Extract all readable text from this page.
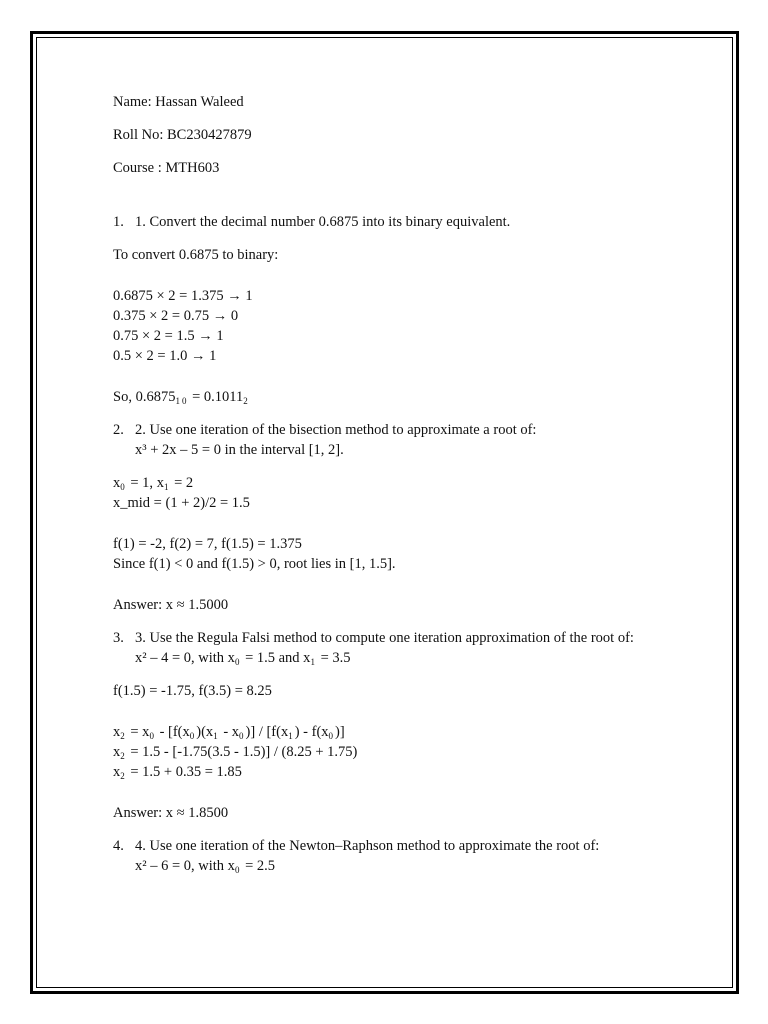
Name: Hassan Waleed

Roll No: BC230427879

Course : MTH603

1. 1. Convert the decimal number 0.6875 into its binary equivalent.

To convert 0.6875 to binary:

0.6875 × 2 = 1.375 → 1

0.375 × 2 = 0.75 → 0

0.75 × 2 = 1.5 → 1

0.5 × 2 = 1.0 → 1

So, $0.6875_{10} = 0.1011_2$

2. 2. Use one iteration of the bisection method to approximate a root of:
x³ + 2x – 5 = 0 in the interval [1, 2].

$x_0 = 1$, $x_1 = 2$

x_mid = (1 + 2)/2 = 1.5

f(1) = -2, f(2) = 7, f(1.5) = 1.375

Since f(1) < 0 and f(1.5) > 0, root lies in [1, 1.5].

Answer: x ≈ 1.5000

3. 3. Use the Regula Falsi method to compute one iteration approximation of the root of:
x² – 4 = 0, with $x_0 = 1.5$ and $x_1 = 3.5$

f(1.5) = -1.75, f(3.5) = 8.25

$x_2 = x_0 - [f(x_0)(x_1 - x_0)] / [f(x_1) - f(x_0)]$

$x_2 = 1.5 - [-1.75(3.5 - 1.5)] / (8.25 + 1.75)$

$x_2 = 1.5 + 0.35 = 1.85$

Answer: x ≈ 1.8500

4. 4. Use one iteration of the Newton–Raphson method to approximate the root of:
x² – 6 = 0, with $x_0 = 2.5$
